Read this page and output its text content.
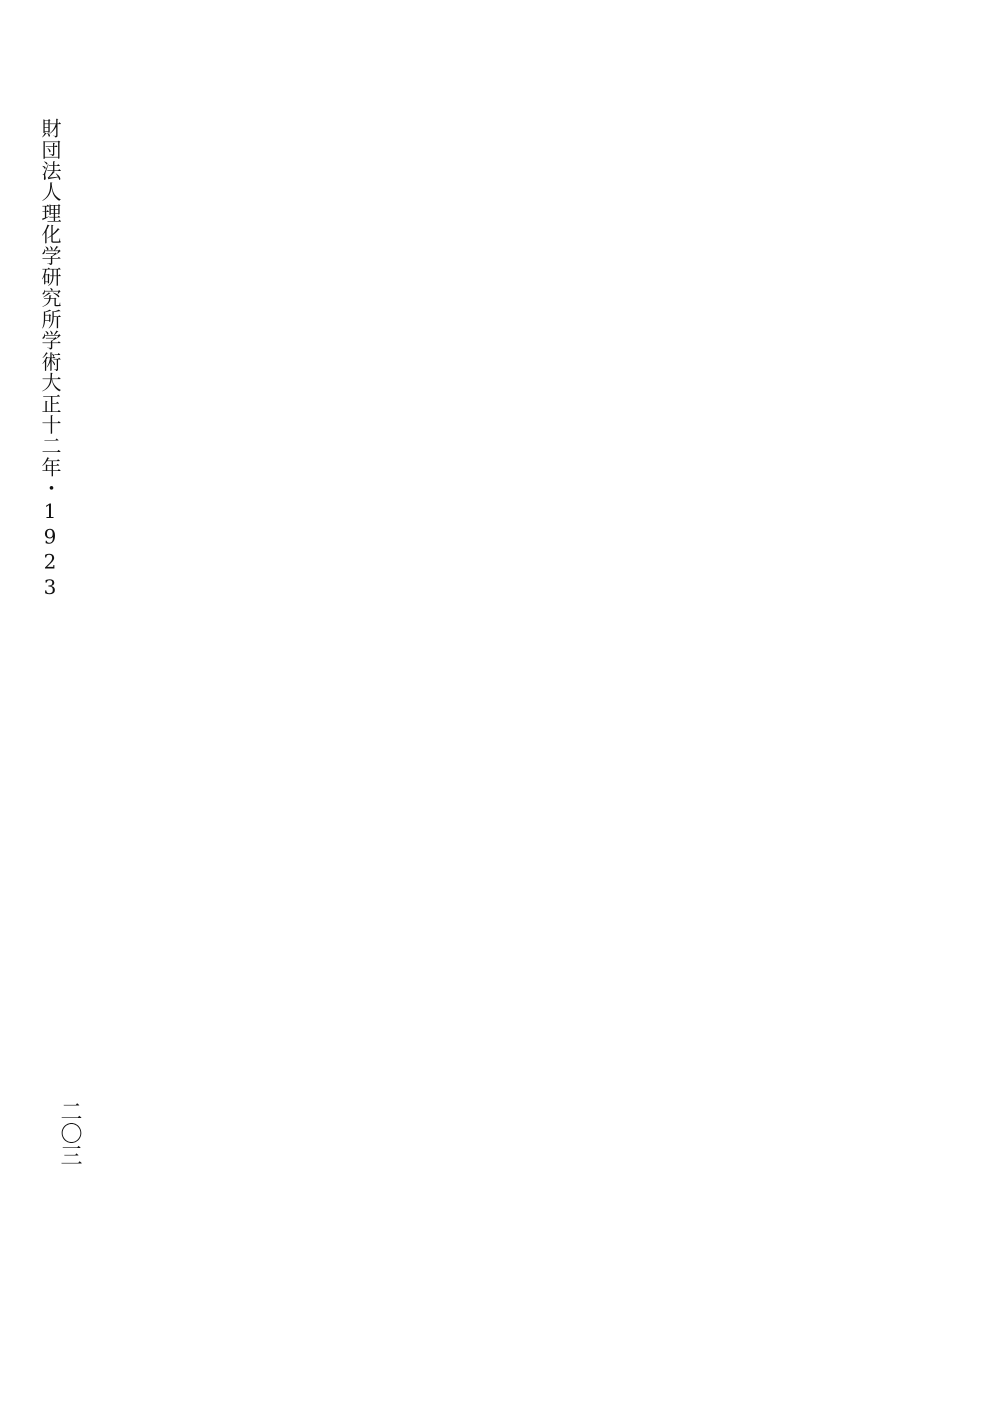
財団法人理化学研究所
学術
大正十二年・1923
二〇三
